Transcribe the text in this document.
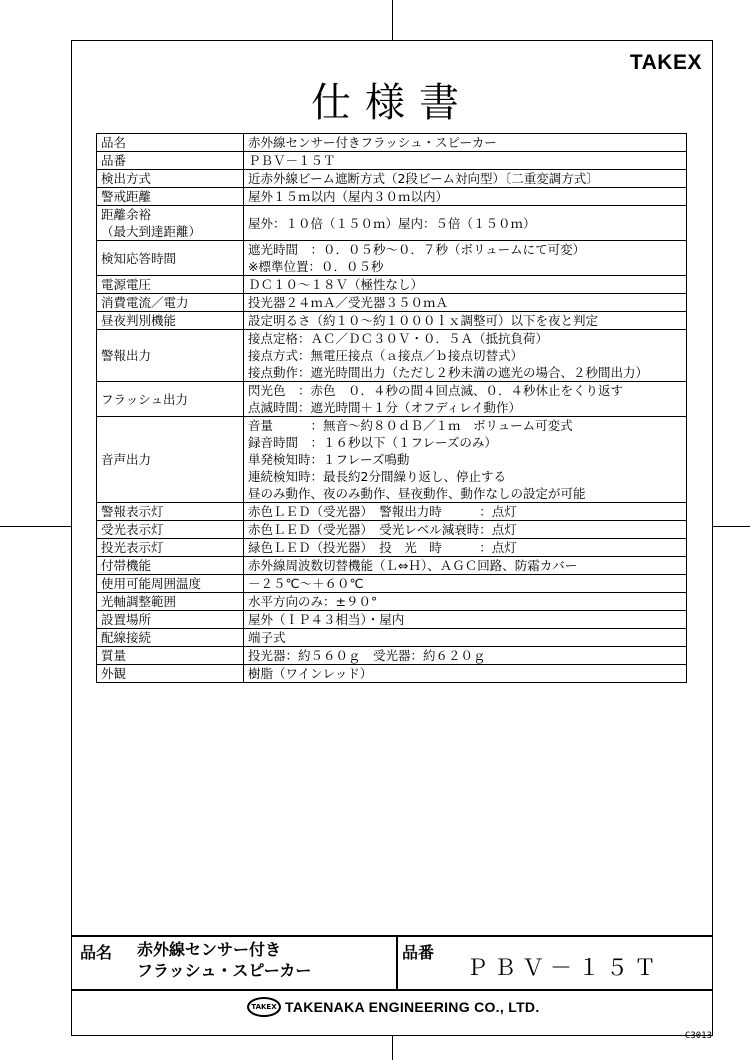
仕様書
TAKEX
品名	赤外線センサー付きフラッシュ・スピーカー

品番	ＰＢＶ－１５Ｔ

検出方式	近赤外線ビーム遮断方式（2段ビーム対向型）〔二重変調方式〕

警戒距離	屋外１５ｍ以内（屋内３０ｍ以内）

距離余裕
（最大到達距離）	屋外：１０倍（１５０ｍ）屋内：５倍（１５０ｍ）

検知応答時間	遮光時間　：０．０５秒～０．７秒（ボリュームにて可変）
※標準位置：０．０５秒

電源電圧	ＤＣ１０～１８Ｖ（極性なし）

消費電流／電力	投光器２４ｍＡ／受光器３５０ｍＡ

昼夜判別機能	設定明るさ（約１０～約１０００ｌｘ調整可）以下を夜と判定

警報出力	接点定格：ＡＣ／ＤＣ３０Ｖ・０．５Ａ（抵抗負荷）
接点方式：無電圧接点（ａ接点／ｂ接点切替式）
接点動作：遮光時間出力（ただし２秒未満の遮光の場合、２秒間出力）

フラッシュ出力	閃光色　：赤色　０．４秒の間４回点滅、０．４秒休止をくり返す
点滅時間：遮光時間＋１分（オフディレイ動作）

音声出力	音量　　　：無音～約８０ｄＢ／１ｍ　ボリューム可変式
録音時間　：１６秒以下（１フレーズのみ）
単発検知時：１フレーズ鳴動
連続検知時：最長約2分間繰り返し、停止する
昼のみ動作、夜のみ動作、昼夜動作、動作なしの設定が可能

警報表示灯	赤色ＬＥＤ（受光器）　警報出力時　　　：点灯

受光表示灯	赤色ＬＥＤ（受光器）　受光レベル減衰時：点灯

投光表示灯	緑色ＬＥＤ（投光器）　投　光　時　　　：点灯

付帯機能	赤外線周波数切替機能（Ｌ⇔Ｈ）、ＡＧＣ回路、防霜カバー

使用可能周囲温度	－２５℃～＋６０℃

光軸調整範囲	水平方向のみ：±９０°

設置場所	屋外（ＩＰ４３相当）・屋内

配線接続	端子式

質量	投光器：約５６０ｇ　受光器：約６２０ｇ

外観	樹脂（ワインレッド）
品名 赤外線センサー付き
フラッシュ・スピーカー
品番
ＰＢＶ－１５Ｔ
TAKEX TAKENAKA ENGINEERING CO., LTD.
C3013
